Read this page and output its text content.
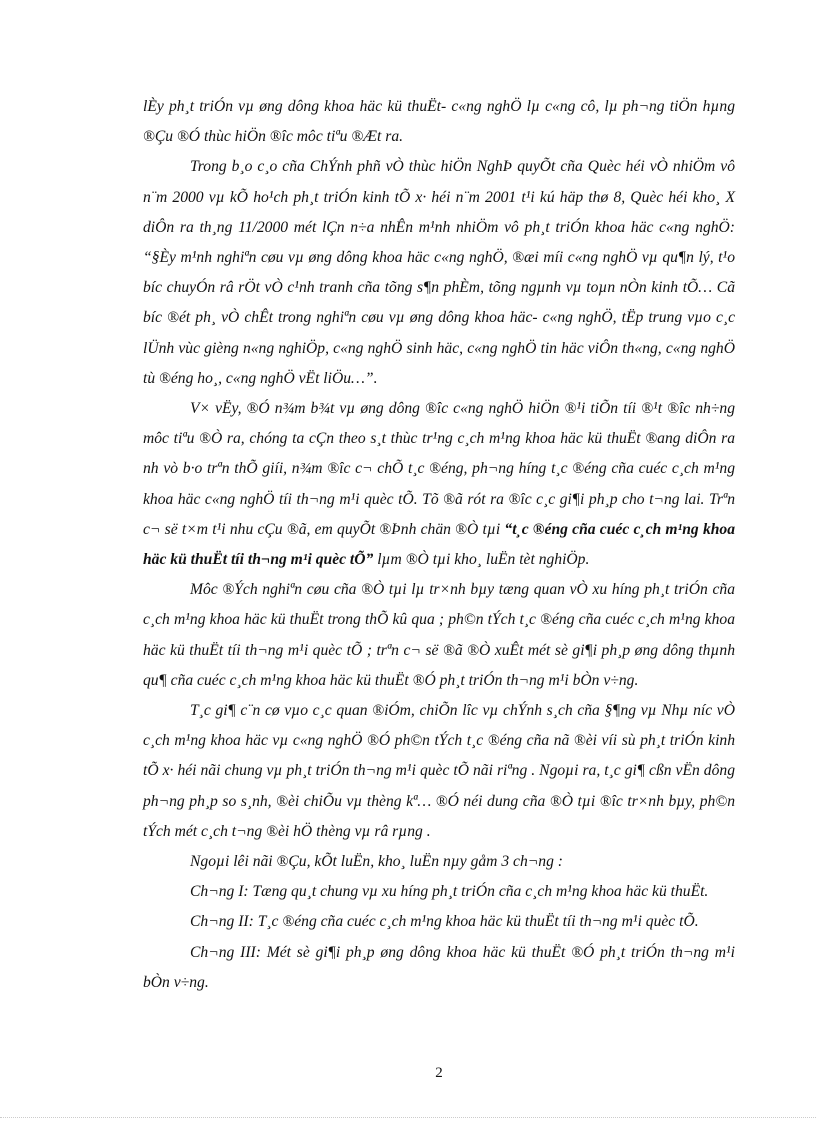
lÈy ph¸t triÓn vµ øng dông khoa häc kü thuËt- c«ng nghÖ lµ c«ng cô, lµ ph¬ng tiÖn hµng ®Çu ®Ó thùc hiÖn ®îc môc tiªu ®Æt ra.

Trong b¸o c¸o cña ChÝnh phñ vÒ thùc hiÖn NghÞ quyÕt cña Quèc héi vÒ nhiÖm vô n¨m 2000 vµ kÕ ho¹ch ph¸t triÓn kinh tÕ x· héi n¨m 2001 t¹i kú häp thø 8, Quèc héi kho¸ X diÔn ra th¸ng 11/2000 mét lÇn n÷a nhÊn m¹nh nhiÖm vô ph¸t triÓn khoa häc c«ng nghÖ: “§Èy m¹nh nghiªn cøu vµ øng dông khoa häc c«ng nghÖ, ®æi míi c«ng nghÖ vµ qu¶n lý, t¹o bíc chuyÓn râ rÖt vÒ c¹nh tranh cña tõng s¶n phÈm, tõng ngµnh vµ toµn nÒn kinh tÕ… Cã bíc ®ét ph¸ vÒ chÊt trong nghiªn cøu vµ øng dông khoa häc- c«ng nghÖ, tËp trung vµo c¸c lÜnh vùc gièng n«ng nghiÖp, c«ng nghÖ sinh häc, c«ng nghÖ tin häc viÔn th«ng, c«ng nghÖ tù ®éng ho¸, c«ng nghÖ vËt liÖu…”.

V× vËy, ®Ó n¾m b¾t vµ øng dông ®îc c«ng nghÖ hiÖn ®¹i tiÕn tíi ®¹t ®îc nh÷ng môc tiªu ®Ò ra, chóng ta cÇn theo s¸t thùc tr¹ng c¸ch m¹ng khoa häc kü thuËt ®ang diÔn ra nh vò b·o trªn thÕ giíi, n¾m ®îc c¬ chÕ t¸c ®éng, ph¬ng híng t¸c ®éng cña cuéc c¸ch m¹ng khoa häc c«ng nghÖ tíi th¬ng m¹i quèc tÕ. Tõ ®ã rót ra ®îc c¸c gi¶i ph¸p cho t¬ng lai. Trªn c¬ së t×m t¹i nhu cÇu ®ã, em quyÕt ®Þnh chän ®Ò tµi “t¸c ®éng cña cuéc c¸ch m¹ng khoa häc kü thuËt tíi th¬ng m¹i quèc tÕ” lµm ®Ò tµi kho¸ luËn tèt nghiÖp.

Môc ®Ých nghiªn cøu cña ®Ò tµi lµ tr×nh bµy tæng quan vÒ xu híng ph¸t triÓn cña c¸ch m¹ng khoa häc kü thuËt trong thÕ kû qua ; ph©n tÝch t¸c ®éng cña cuéc c¸ch m¹ng khoa häc kü thuËt tíi th¬ng m¹i quèc tÕ ; trªn c¬ së ®ã ®Ò xuÊt mét sè gi¶i ph¸p øng dông thµnh qu¶ cña cuéc c¸ch m¹ng khoa häc kü thuËt ®Ó ph¸t triÓn th¬ng m¹i bÒn v÷ng.

T¸c gi¶ c¨n cø vµo c¸c quan ®iÓm, chiÕn lîc vµ chÝnh s¸ch cña §¶ng vµ Nhµ níc vÒ c¸ch m¹ng khoa häc vµ c«ng nghÖ ®Ó ph©n tÝch t¸c ®éng cña nã ®èi víi sù ph¸t triÓn kinh tÕ x· héi nãi chung vµ ph¸t triÓn th¬ng m¹i quèc tÕ nãi riªng . Ngoµi ra, t¸c gi¶ cßn vËn dông ph¬ng ph¸p so s¸nh, ®èi chiÕu vµ thèng kª… ®Ó néi dung cña ®Ò tµi ®îc tr×nh bµy, ph©n tÝch mét c¸ch t¬ng ®èi hÖ thèng vµ râ rµng .

Ngoµi lêi nãi ®Çu, kÕt luËn, kho¸ luËn nµy gåm 3 ch¬ng :

Ch¬ng I: Tæng qu¸t chung vµ xu híng ph¸t triÓn cña c¸ch m¹ng khoa häc kü thuËt.

Ch¬ng II: T¸c ®éng cña cuéc c¸ch m¹ng khoa häc kü thuËt tíi th¬ng m¹i quèc tÕ.

Ch¬ng III: Mét sè gi¶i ph¸p øng dông khoa häc kü thuËt ®Ó ph¸t triÓn th¬ng m¹i bÒn v÷ng.

2
